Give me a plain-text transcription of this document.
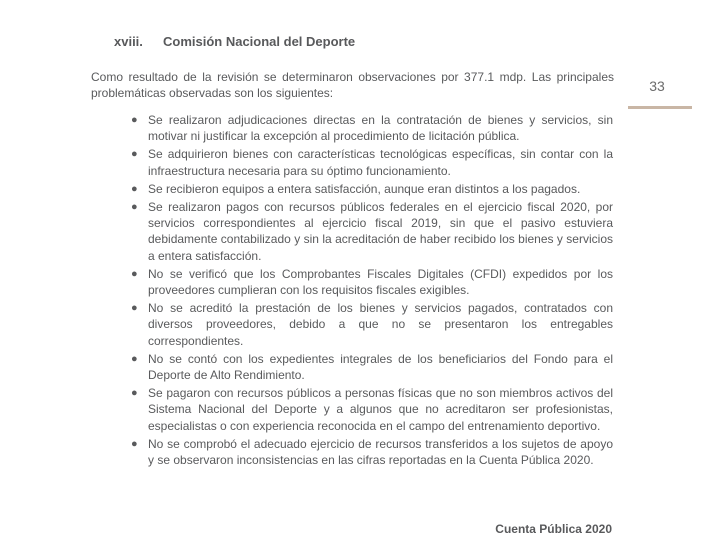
xviii. Comisión Nacional del Deporte

Como resultado de la revisión se determinaron observaciones por 377.1 mdp. Las principales problemáticas observadas son los siguientes:	33
● Se realizaron adjudicaciones directas en la contratación de bienes y servicios, sin motivar ni justificar la excepción al procedimiento de licitación pública.
● Se adquirieron bienes con características tecnológicas específicas, sin contar con la infraestructura necesaria para su óptimo funcionamiento.
● Se recibieron equipos a entera satisfacción, aunque eran distintos a los pagados.
● Se realizaron pagos con recursos públicos federales en el ejercicio fiscal 2020, por servicios correspondientes al ejercicio fiscal 2019, sin que el pasivo estuviera debidamente contabilizado y sin la acreditación de haber recibido los bienes y servicios a entera satisfacción.
● No se verificó que los Comprobantes Fiscales Digitales (CFDI) expedidos por los proveedores cumplieran con los requisitos fiscales exigibles.
● No se acreditó la prestación de los bienes y servicios pagados, contratados con diversos proveedores, debido a que no se presentaron los entregables correspondientes.
● No se contó con los expedientes integrales de los beneficiarios del Fondo para el Deporte de Alto Rendimiento.
● Se pagaron con recursos públicos a personas físicas que no son miembros activos del Sistema Nacional del Deporte y a algunos que no acreditaron ser profesionistas, especialistas o con experiencia reconocida en el campo del entrenamiento deportivo.
● No se comprobó el adecuado ejercicio de recursos transferidos a los sujetos de apoyo y se observaron inconsistencias en las cifras reportadas en la Cuenta Pública 2020.
Cuenta Pública 2020
